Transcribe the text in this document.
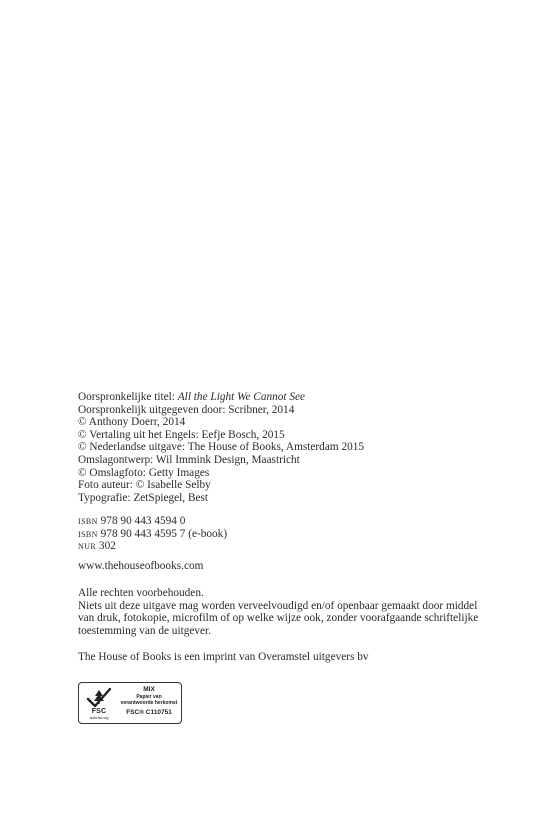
Oorspronkelijke titel: All the Light We Cannot See
Oorspronkelijk uitgegeven door: Scribner, 2014
© Anthony Doerr, 2014
© Vertaling uit het Engels: Eefje Bosch, 2015
© Nederlandse uitgave: The House of Books, Amsterdam 2015
Omslagontwerp: Wil Immink Design, Maastricht
© Omslagfoto: Getty Images
Foto auteur: © Isabelle Selby
Typografie: ZetSpiegel, Best
isbn 978 90 443 4594 0
isbn 978 90 443 4595 7 (e-book)
nur 302
www.thehouseofbooks.com
Alle rechten voorbehouden.
Niets uit deze uitgave mag worden verveelvoudigd en/of openbaar gemaakt door middel
van druk, fotokopie, microfilm of op welke wijze ook, zonder voorafgaande schriftelijke
toestemming van de uitgever.
The House of Books is een imprint van Overamstel uitgevers bv
FSC
www.fsc.org
MIX
Papier van
verantwoorde herkomst
FSC® C110751
